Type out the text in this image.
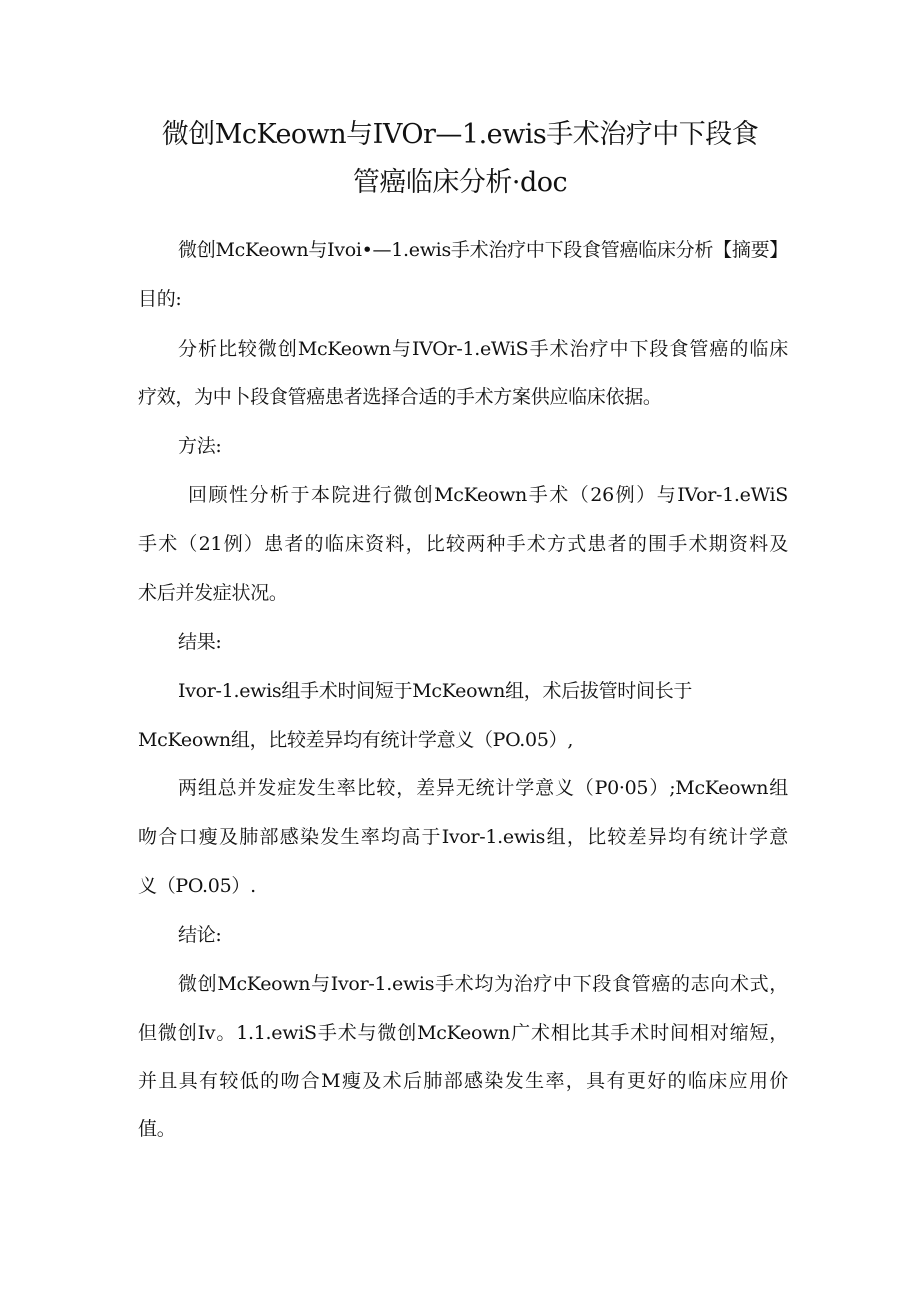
微创McKeown与IVOr—1.ewis手术治疗中下段食
管癌临床分析·doc

微创McKeown与Ivoi•—1.ewis手术治疗中下段食管癌临床分析【摘要】

目的:

分析比较微创McKeown与IVOr-1.eWiS手术治疗中下段食管癌的临床

疗效，为中卜段食管癌患者选择合适的手术方案供应临床依据。

方法:

回顾性分析于本院进行微创McKeown手术（26例）与IVor-1.eWiS

手术（21例）患者的临床资料，比较两种手术方式患者的围手术期资料及

术后并发症状况。

结果:

Ivor-1.ewis组手术时间短于McKeown组，术后拔管时间长于

McKeown组，比较差异均有统计学意义（PO.05）,

两组总并发症发生率比较，差异无统计学意义（P0·05）;McKeown组

吻合口瘦及肺部感染发生率均高于Ivor-1.ewis组，比较差异均有统计学意

义（PO.05）.

结论:

微创McKeown与Ivor-1.ewis手术均为治疗中下段食管癌的志向术式，

但微创Iv。1.1.ewiS手术与微创McKeown广术相比其手术时间相对缩短，

并且具有较低的吻合M瘦及术后肺部感染发生率，具有更好的临床应用价

值。
